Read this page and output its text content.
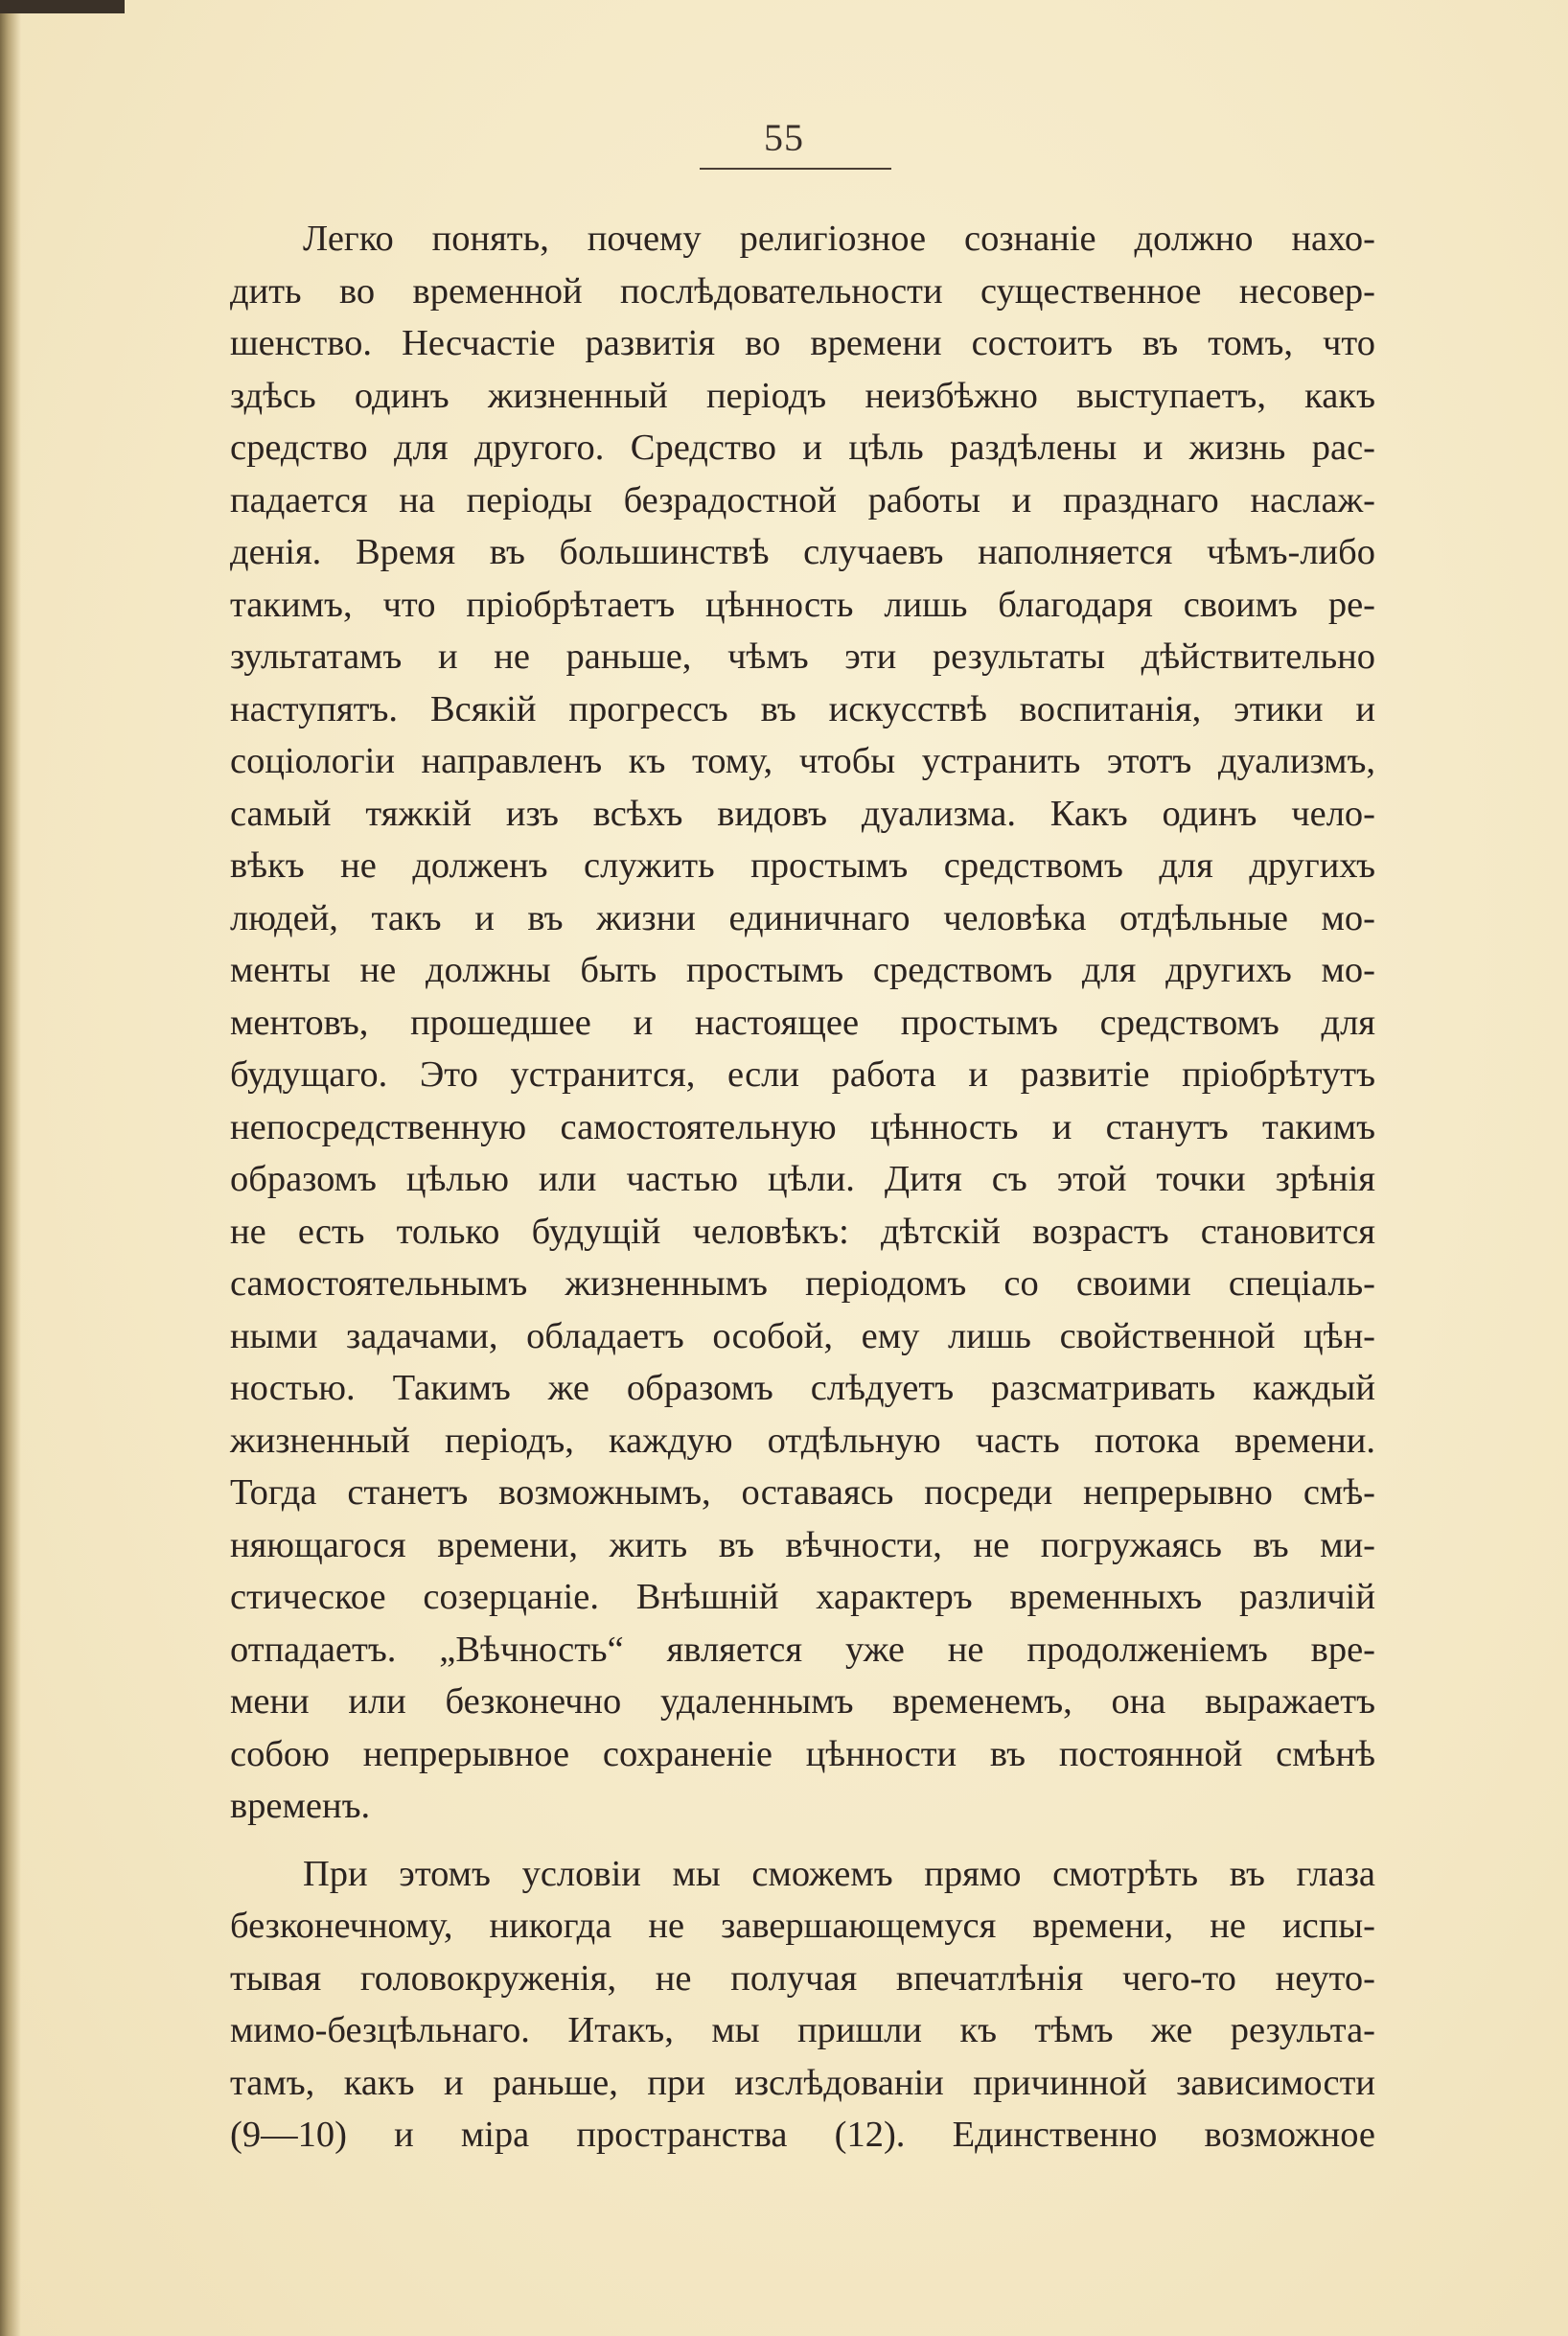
55
Легко понять, почему религіозное сознаніе должно нахо-
дить во временной послѣдовательности существенное несовер-
шенство. Несчастіе развитія во времени состоитъ въ томъ, что
здѣсь одинъ жизненный періодъ неизбѣжно выступаетъ, какъ
средство для другого. Средство и цѣль раздѣлены и жизнь рас-
падается на періоды безрадостной работы и празднаго наслаж-
денія. Время въ большинствѣ случаевъ наполняется чѣмъ-либо
такимъ, что пріобрѣтаетъ цѣнность лишь благодаря своимъ ре-
зультатамъ и не раньше, чѣмъ эти результаты дѣйствительно
наступятъ. Всякій прогрессъ въ искусствѣ воспитанія, этики и
соціологіи направленъ къ тому, чтобы устранить этотъ дуализмъ,
самый тяжкій изъ всѣхъ видовъ дуализма. Какъ одинъ чело-
вѣкъ не долженъ служить простымъ средствомъ для другихъ
людей, такъ и въ жизни единичнаго человѣка отдѣльные мо-
менты не должны быть простымъ средствомъ для другихъ мо-
ментовъ, прошедшее и настоящее простымъ средствомъ для
будущаго. Это устранится, если работа и развитіе пріобрѣтутъ
непосредственную самостоятельную цѣнность и станутъ такимъ
образомъ цѣлью или частью цѣли. Дитя съ этой точки зрѣнія
не есть только будущій человѣкъ: дѣтскій возрастъ становится
самостоятельнымъ жизненнымъ періодомъ со своими спеціаль-
ными задачами, обладаетъ особой, ему лишь свойственной цѣн-
ностью. Такимъ же образомъ слѣдуетъ разсматривать каждый
жизненный періодъ, каждую отдѣльную часть потока времени.
Тогда станетъ возможнымъ, оставаясь посреди непрерывно смѣ-
няющагося времени, жить въ вѣчности, не погружаясь въ ми-
стическое созерцаніе. Внѣшній характеръ временныхъ различій
отпадаетъ. „Вѣчность“ является уже не продолженіемъ вре-
мени или безконечно удаленнымъ временемъ, она выражаетъ
собою непрерывное сохраненіе цѣнности въ постоянной смѣнѣ
временъ.
При этомъ условіи мы сможемъ прямо смотрѣть въ глаза
безконечному, никогда не завершающемуся времени, не испы-
тывая головокруженія, не получая впечатлѣнія чего-то неуто-
мимо-безцѣльнаго. Итакъ, мы пришли къ тѣмъ же результа-
тамъ, какъ и раньше, при изслѣдованіи причинной зависимости
(9—10) и міра пространства (12). Единственно возможное
